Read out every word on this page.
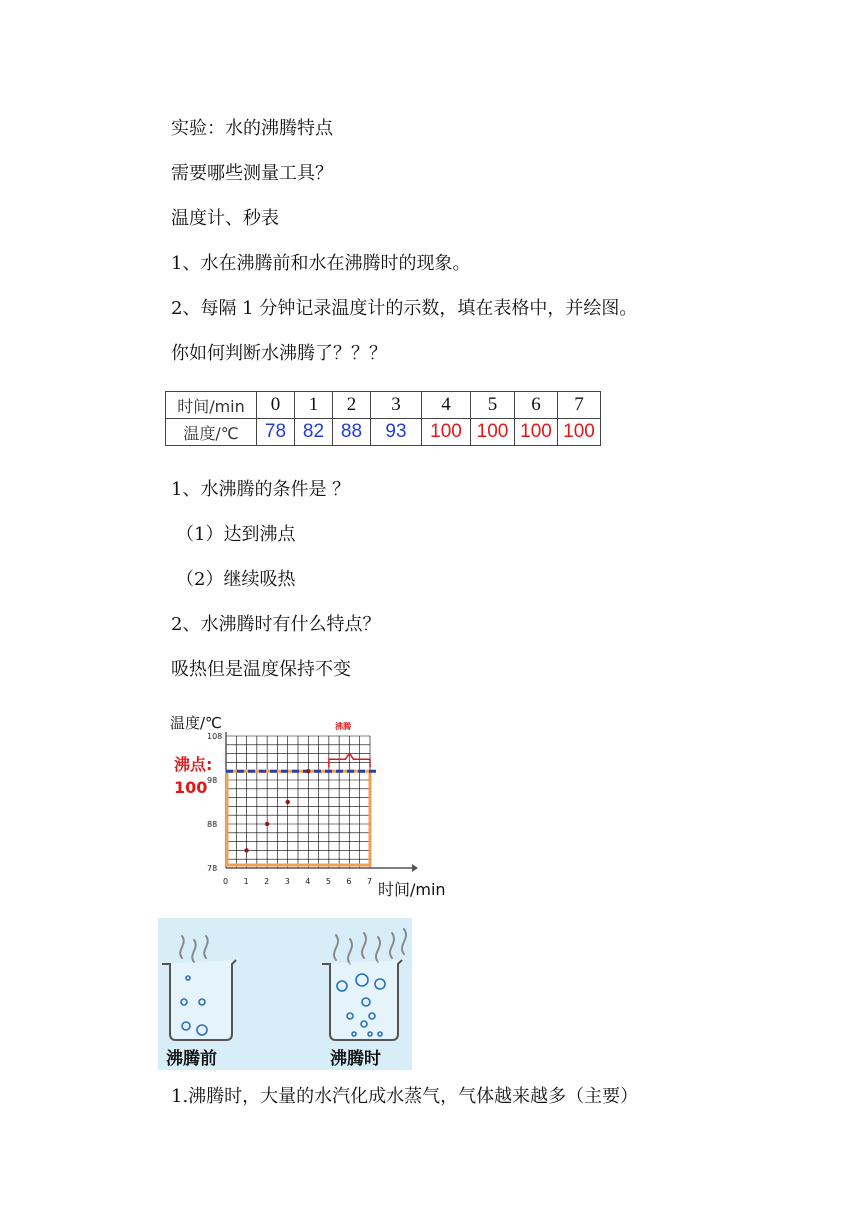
实验：水的沸腾特点
需要哪些测量工具？
温度计、秒表
1、水在沸腾前和水在沸腾时的现象。
2、每隔 1 分钟记录温度计的示数，填在表格中，并绘图。
你如何判断水沸腾了？？？
时间/min	0	1	2	3	4	5	6	7
温度/℃	78	82	88	93	100	100	100	100
1、水沸腾的条件是 ？
（1）达到沸点
（2）继续吸热
2、水沸腾时有什么特点？
吸热但是温度保持不变
0 1 2 3 4 5 6 7
78
88
98
108
温度/℃
时间/min
沸点:
100
沸腾
沸腾前	沸腾时
1.沸腾时，大量的水汽化成水蒸气，气体越来越多（主要）
